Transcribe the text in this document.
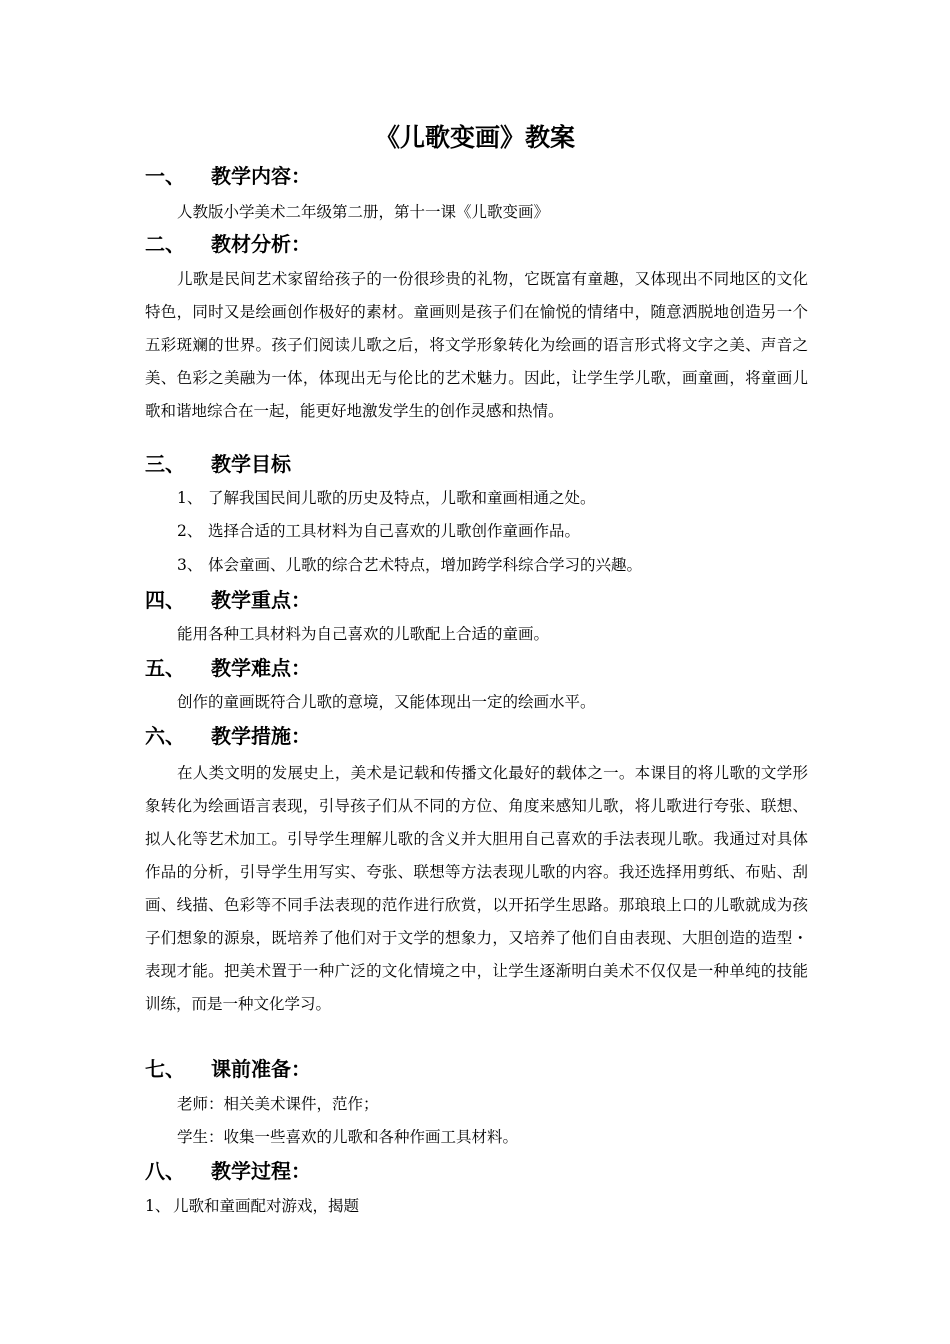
《儿歌变画》教案
一、 教学内容：

人教版小学美术二年级第二册，第十一课《儿歌变画》

二、 教材分析：

儿歌是民间艺术家留给孩子的一份很珍贵的礼物，它既富有童趣，又体现出不同地区的文化特色，同时又是绘画创作极好的素材。童画则是孩子们在愉悦的情绪中，随意洒脱地创造另一个五彩斑斓的世界。孩子们阅读儿歌之后，将文学形象转化为绘画的语言形式将文字之美、声音之美、色彩之美融为一体，体现出无与伦比的艺术魅力。因此，让学生学儿歌，画童画，将童画儿歌和谐地综合在一起，能更好地激发学生的创作灵感和热情。

三、 教学目标

1、 了解我国民间儿歌的历史及特点，儿歌和童画相通之处。

2、 选择合适的工具材料为自己喜欢的儿歌创作童画作品。

3、 体会童画、儿歌的综合艺术特点，增加跨学科综合学习的兴趣。

四、 教学重点：

能用各种工具材料为自己喜欢的儿歌配上合适的童画。

五、 教学难点：

创作的童画既符合儿歌的意境，又能体现出一定的绘画水平。

六、 教学措施：

在人类文明的发展史上，美术是记载和传播文化最好的载体之一。本课目的将儿歌的文学形象转化为绘画语言表现，引导孩子们从不同的方位、角度来感知儿歌，将儿歌进行夸张、联想、拟人化等艺术加工。引导学生理解儿歌的含义并大胆用自己喜欢的手法表现儿歌。我通过对具体作品的分析，引导学生用写实、夸张、联想等方法表现儿歌的内容。我还选择用剪纸、布贴、刮画、线描、色彩等不同手法表现的范作进行欣赏，以开拓学生思路。那琅琅上口的儿歌就成为孩子们想象的源泉，既培养了他们对于文学的想象力，又培养了他们自由表现、大胆创造的造型・表现才能。把美术置于一种广泛的文化情境之中，让学生逐渐明白美术不仅仅是一种单纯的技能训练，而是一种文化学习。

七、 课前准备：

老师：相关美术课件，范作；

学生：收集一些喜欢的儿歌和各种作画工具材料。

八、 教学过程：

1、 儿歌和童画配对游戏，揭题
